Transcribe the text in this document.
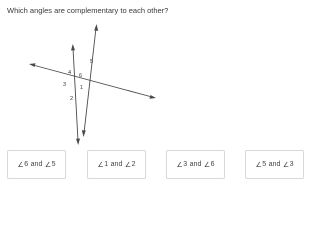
Which angles are complementary to each other?
5
4 6
3	1
2
∠ 6 and ∠ 5	∠ 1 and ∠ 2	∠ 3 and ∠ 6	∠ 5 and ∠ 3
